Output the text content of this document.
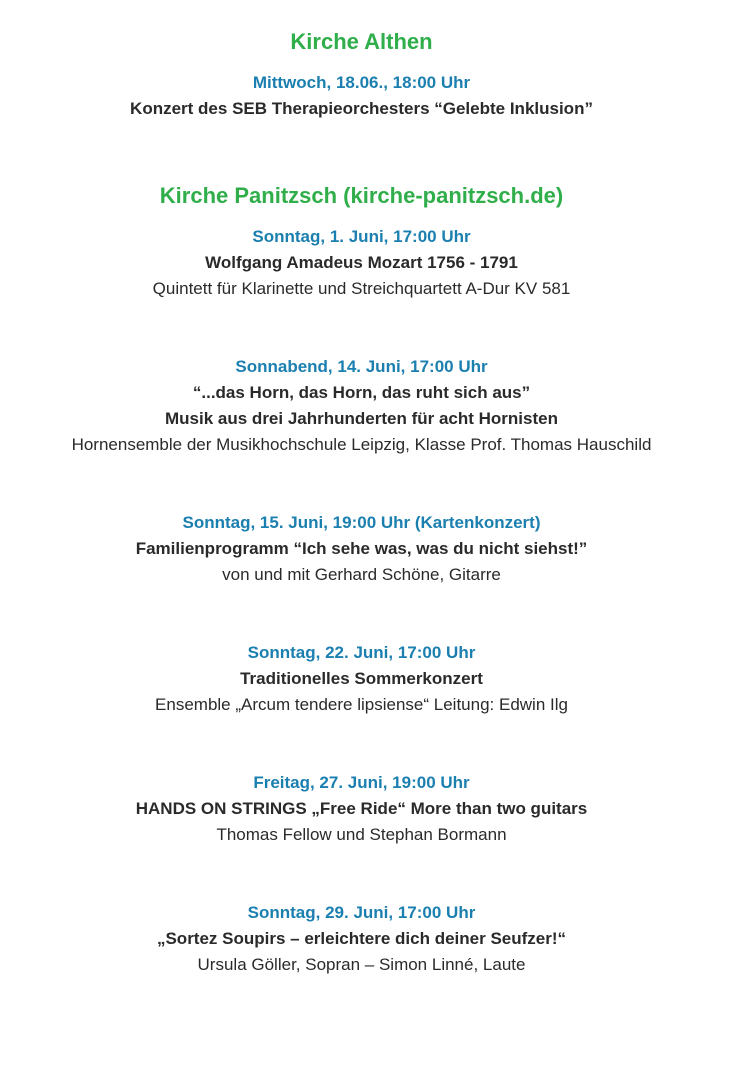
Kirche Althen
Mittwoch, 18.06., 18:00 Uhr
Konzert des SEB Therapieorchesters “Gelebte Inklusion”
Kirche Panitzsch (kirche-panitzsch.de)
Sonntag, 1. Juni, 17:00 Uhr
Wolfgang Amadeus Mozart 1756 - 1791
Quintett für Klarinette und Streichquartett A-Dur KV 581
Sonnabend, 14. Juni, 17:00 Uhr
“...das Horn, das Horn, das ruht sich aus”
Musik aus drei Jahrhunderten für acht Hornisten
Hornensemble der Musikhochschule Leipzig, Klasse Prof. Thomas Hauschild
Sonntag, 15. Juni, 19:00 Uhr (Kartenkonzert)
Familienprogramm “Ich sehe was, was du nicht siehst!”
von und mit Gerhard Schöne, Gitarre
Sonntag, 22. Juni, 17:00 Uhr
Traditionelles Sommerkonzert
Ensemble „Arcum tendere lipsiense“ Leitung: Edwin Ilg
Freitag, 27. Juni, 19:00 Uhr
HANDS ON STRINGS „Free Ride“ More than two guitars
Thomas Fellow und Stephan Bormann
Sonntag, 29. Juni, 17:00 Uhr
„Sortez Soupirs – erleichtere dich deiner Seufzer!“
Ursula Göller, Sopran – Simon Linné, Laute
